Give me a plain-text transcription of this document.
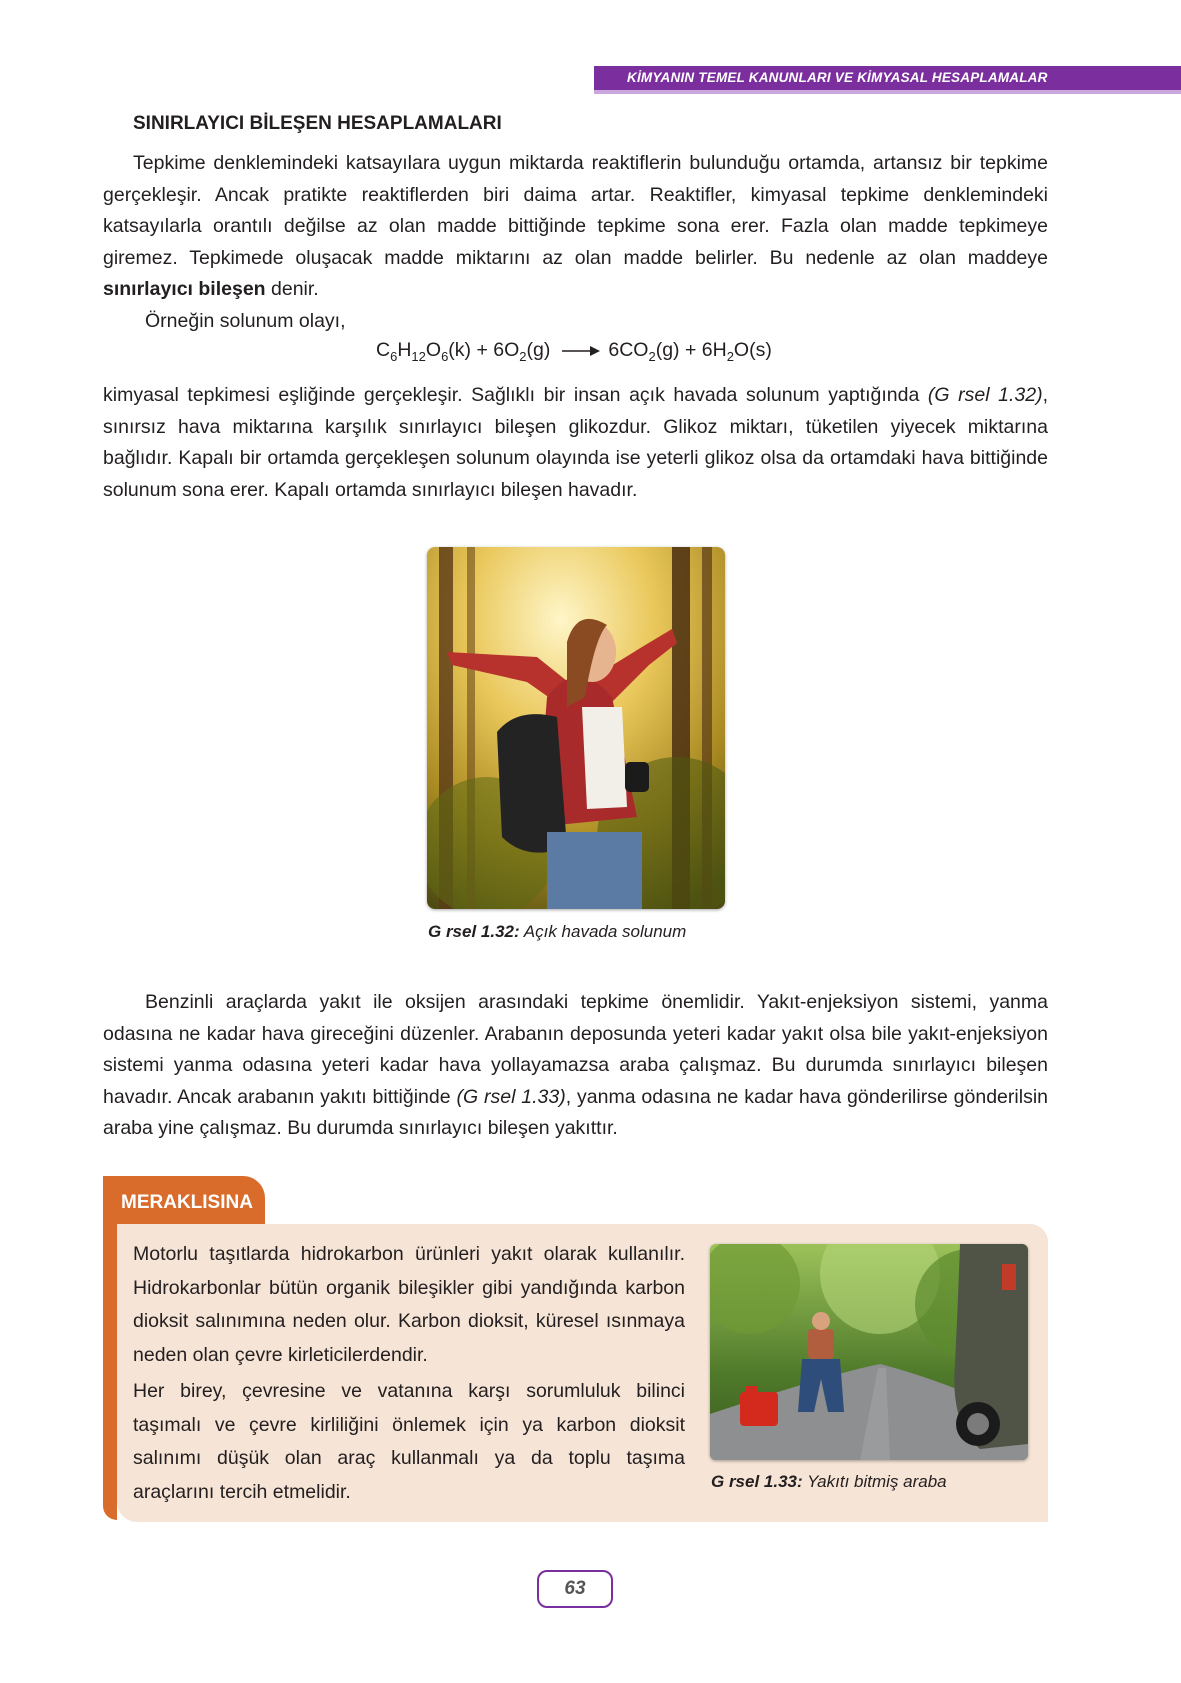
KİMYANIN TEMEL KANUNLARI VE KİMYASAL HESAPLAMALAR
SINIRLAYICI BİLEŞEN HESAPLAMALARI

Tepkime denklemindeki katsayılara uygun miktarda reaktiflerin bulunduğu ortamda, artansız bir tepkime gerçekleşir. Ancak pratikte reaktiflerden biri daima artar. Reaktifler, kimyasal tepkime denklemindeki katsayılarla orantılı değilse az olan madde bittiğinde tepkime sona erer. Fazla olan madde tepkimeye giremez. Tepkimede oluşacak madde miktarını az olan madde belirler. Bu nedenle az olan maddeye sınırlayıcı bileşen denir.

Örneğin solunum olayı,

$C_6H_{12}O_6(k) + 6O_2(g) \to 6CO_2(g) + 6H_2O(s)$

kimyasal tepkimesi eşliğinde gerçekleşir. Sağlıklı bir insan açık havada solunum yaptığında (G rsel 1.32), sınırsız hava miktarına karşılık sınırlayıcı bileşen glikozdur. Glikoz miktarı, tüketilen yiyecek miktarına bağlıdır. Kapalı bir ortamda gerçekleşen solunum olayında ise yeterli glikoz olsa da ortamdaki hava bittiğinde solunum sona erer. Kapalı ortamda sınırlayıcı bileşen havadır.

G rsel 1.32: Açık havada solunum

Benzinli araçlarda yakıt ile oksijen arasındaki tepkime önemlidir. Yakıt-enjeksiyon sistemi, yanma odasına ne kadar hava gireceğini düzenler. Arabanın deposunda yeteri kadar yakıt olsa bile yakıt-enjeksiyon sistemi yanma odasına yeteri kadar hava yollayamazsa araba çalışmaz. Bu durumda sınırlayıcı bileşen havadır. Ancak arabanın yakıtı bittiğinde (G rsel 1.33), yanma odasına ne kadar hava gönderilirse gönderilsin araba yine çalışmaz. Bu durumda sınırlayıcı bileşen yakıttır.

MERAKLISINA

Motorlu taşıtlarda hidrokarbon ürünleri yakıt olarak kullanılır. Hidrokarbonlar bütün organik bileşikler gibi yandığında karbon dioksit salınımına neden olur. Karbon dioksit, küresel ısınmaya neden olan çevre kirleticilerdendir.

Her birey, çevresine ve vatanına karşı sorumluluk bilinci taşımalı ve çevre kirliliğini önlemek için ya karbon dioksit salınımı düşük olan araç kullanmalı ya da toplu taşıma araçlarını tercih etmelidir.	G rsel 1.33: Yakıtı bitmiş araba
63
